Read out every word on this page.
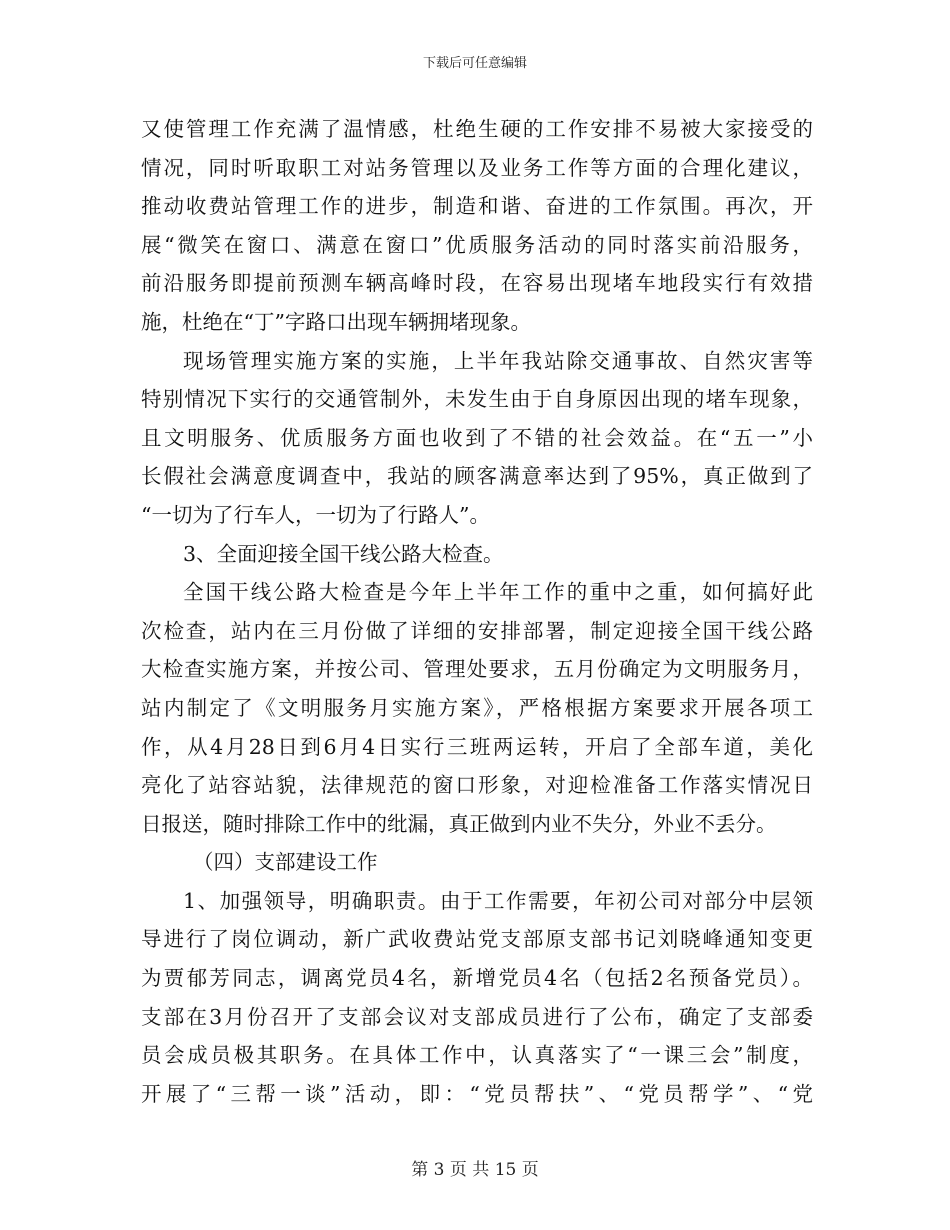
下载后可任意编辑
又使管理工作充满了温情感，杜绝生硬的工作安排不易被大家接受的
情况，同时听取职工对站务管理以及业务工作等方面的合理化建议，
推动收费站管理工作的进步，制造和谐、奋进的工作氛围。再次，开
展“微笑在窗口、满意在窗口”优质服务活动的同时落实前沿服务，
前沿服务即提前预测车辆高峰时段，在容易出现堵车地段实行有效措
施，杜绝在“丁”字路口出现车辆拥堵现象。
现场管理实施方案的实施，上半年我站除交通事故、自然灾害等
特别情况下实行的交通管制外，未发生由于自身原因出现的堵车现象，
且文明服务、优质服务方面也收到了不错的社会效益。在“五一”小
长假社会满意度调查中，我站的顾客满意率达到了95%，真正做到了
“一切为了行车人，一切为了行路人”。
3、全面迎接全国干线公路大检查。
全国干线公路大检查是今年上半年工作的重中之重，如何搞好此
次检查，站内在三月份做了详细的安排部署，制定迎接全国干线公路
大检查实施方案，并按公司、管理处要求，五月份确定为文明服务月，
站内制定了《文明服务月实施方案》，严格根据方案要求开展各项工
作，从4月28日到6月4日实行三班两运转，开启了全部车道，美化
亮化了站容站貌，法律规范的窗口形象，对迎检准备工作落实情况日
日报送，随时排除工作中的纰漏，真正做到内业不失分，外业不丢分。
（四）支部建设工作
1、加强领导，明确职责。由于工作需要，年初公司对部分中层领
导进行了岗位调动，新广武收费站党支部原支部书记刘晓峰通知变更
为贾郁芳同志，调离党员4名，新增党员4名（包括2名预备党员）。
支部在3月份召开了支部会议对支部成员进行了公布，确定了支部委
员会成员极其职务。在具体工作中，认真落实了“一课三会”制度，
开展了“三帮一谈”活动，即：“党员帮扶”、“党员帮学”、“党
第 3 页 共 15 页
